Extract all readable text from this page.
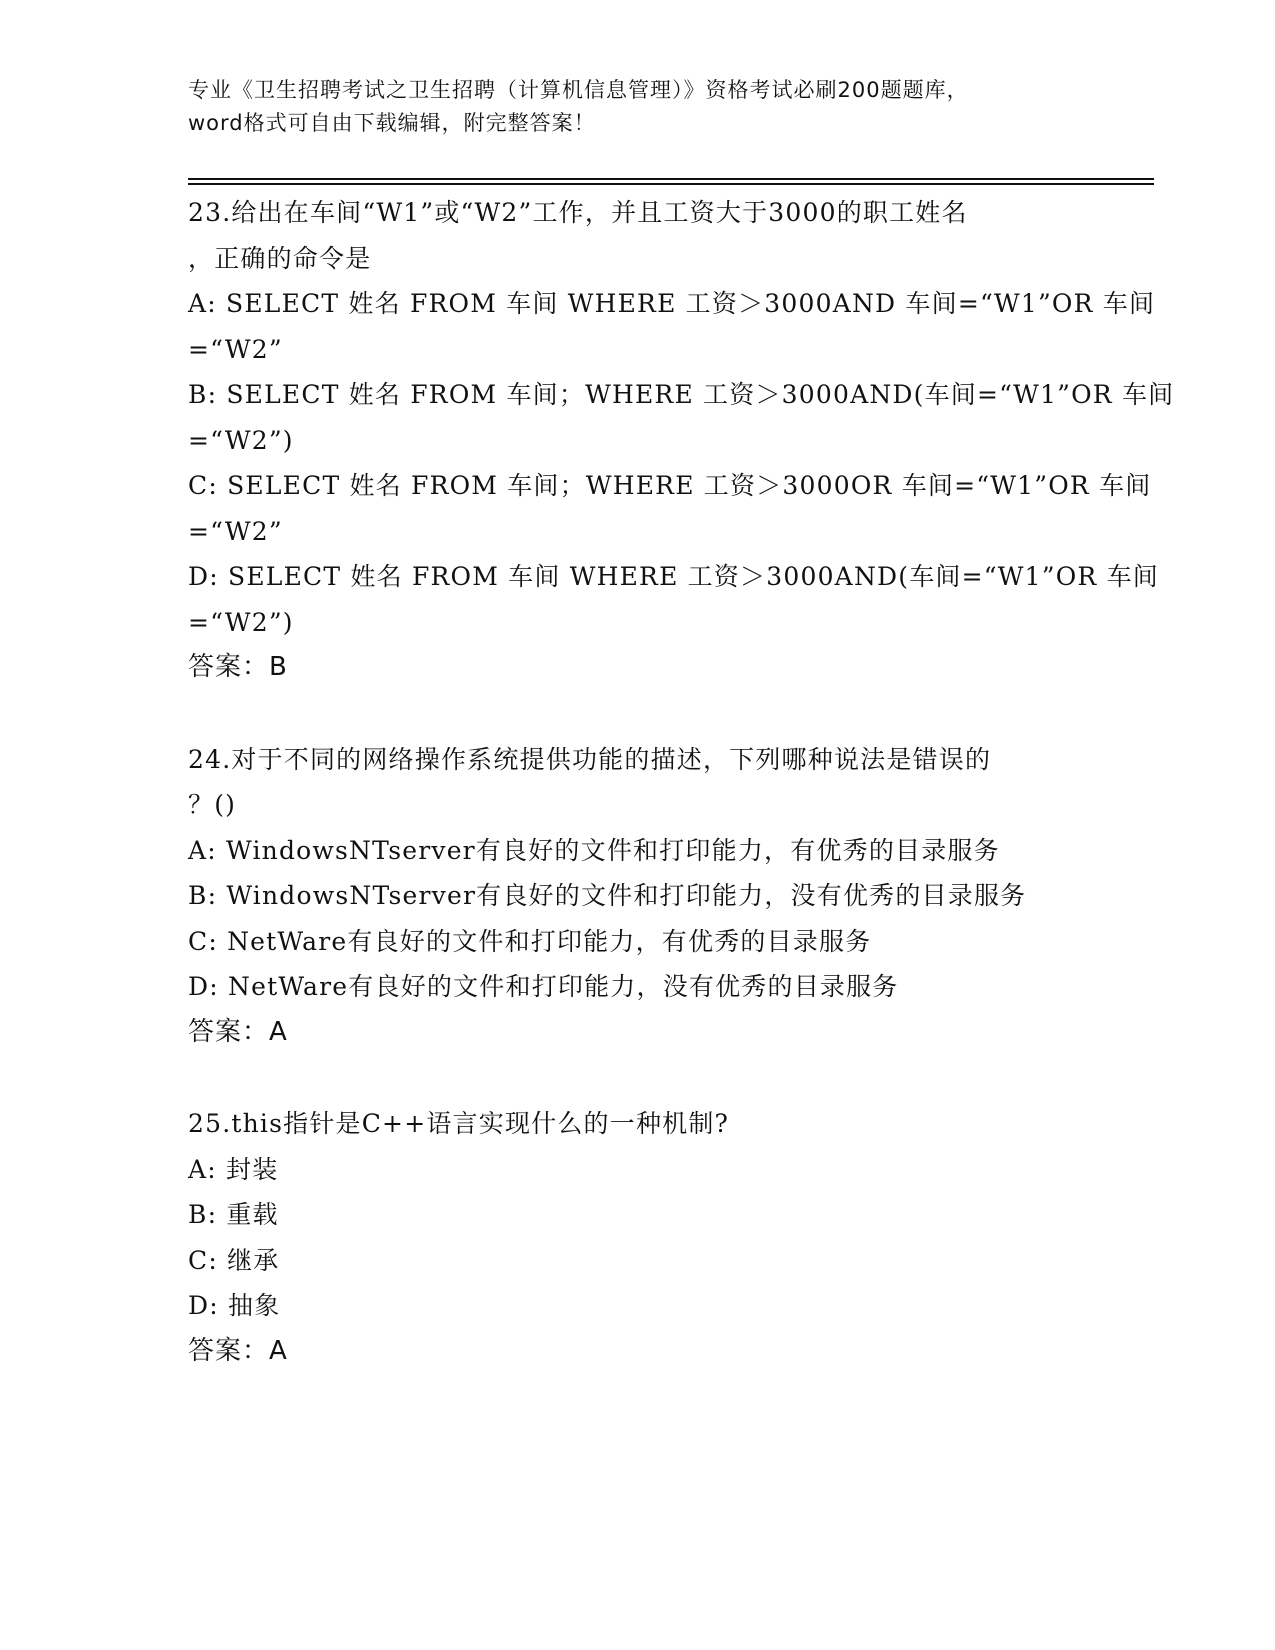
专业《卫生招聘考试之卫生招聘（计算机信息管理）》资格考试必刷200题题库，
word格式可自由下载编辑，附完整答案！
23.给出在车间“W1”或“W2”工作，并且工资大于3000的职工姓名
，正确的命令是
A: SELECT 姓名 FROM 车间 WHERE 工资＞3000AND 车间=“W1”OR 车间
=“W2”
B: SELECT 姓名 FROM 车间；WHERE 工资＞3000AND(车间=“W1”OR 车间
=“W2”)
C: SELECT 姓名 FROM 车间；WHERE 工资＞3000OR 车间=“W1”OR 车间
=“W2”
D: SELECT 姓名 FROM 车间 WHERE 工资＞3000AND(车间=“W1”OR 车间
=“W2”)
答案：B
24.对于不同的网络操作系统提供功能的描述，下列哪种说法是错误的
？()
A: WindowsNTserver有良好的文件和打印能力，有优秀的目录服务
B: WindowsNTserver有良好的文件和打印能力，没有优秀的目录服务
C: NetWare有良好的文件和打印能力，有优秀的目录服务
D: NetWare有良好的文件和打印能力，没有优秀的目录服务
答案：A
25.this指针是C++语言实现什么的一种机制?
A: 封装
B: 重载
C: 继承
D: 抽象
答案：A
